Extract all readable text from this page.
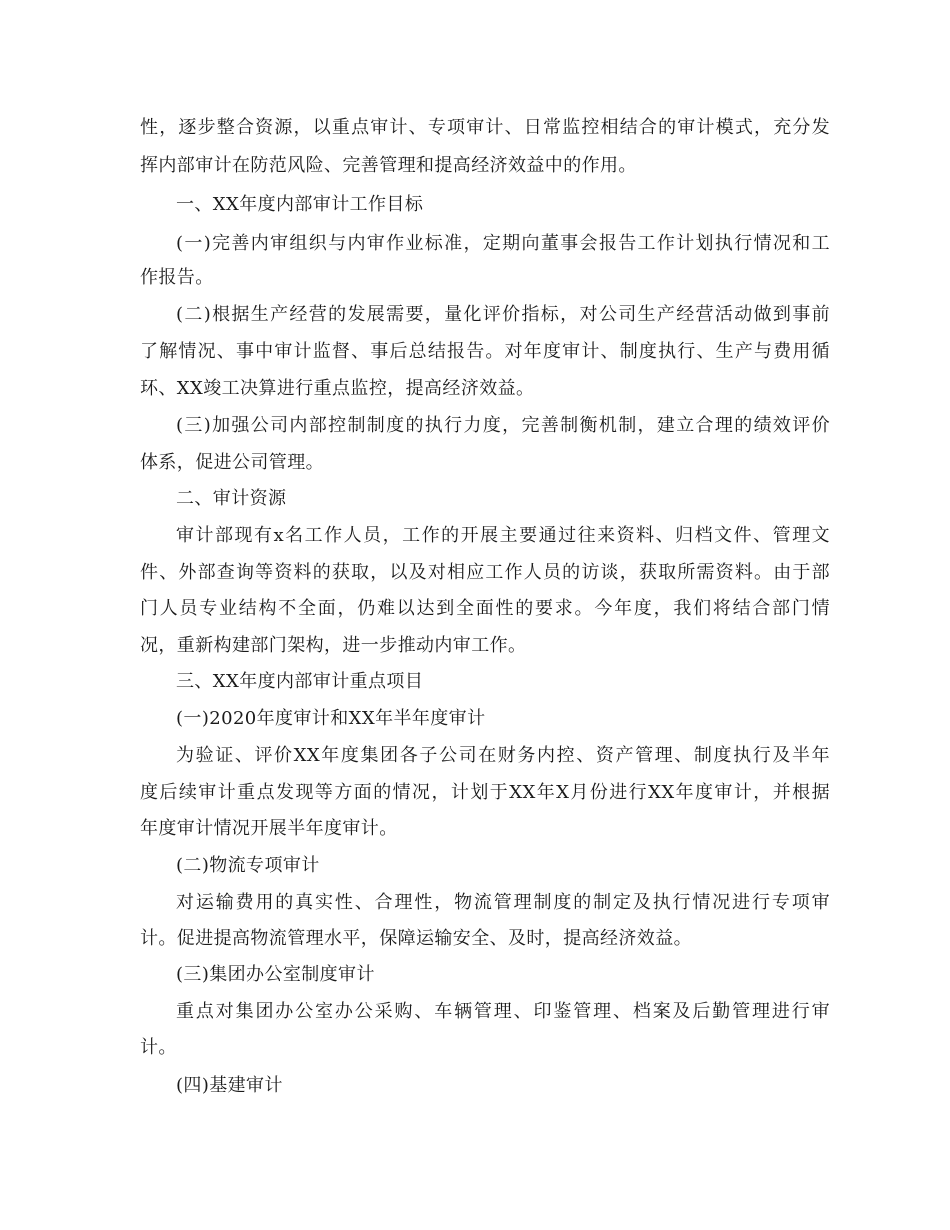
性，逐步整合资源，以重点审计、专项审计、日常监控相结合的审计模式，充分发
挥内部审计在防范风险、完善管理和提高经济效益中的作用。
一、XX年度内部审计工作目标
(一)完善内审组织与内审作业标准，定期向董事会报告工作计划执行情况和工
作报告。
(二)根据生产经营的发展需要，量化评价指标，对公司生产经营活动做到事前
了解情况、事中审计监督、事后总结报告。对年度审计、制度执行、生产与费用循
环、XX竣工决算进行重点监控，提高经济效益。
(三)加强公司内部控制制度的执行力度，完善制衡机制，建立合理的绩效评价
体系，促进公司管理。
二、审计资源
审计部现有x名工作人员，工作的开展主要通过往来资料、归档文件、管理文
件、外部查询等资料的获取，以及对相应工作人员的访谈，获取所需资料。由于部
门人员专业结构不全面，仍难以达到全面性的要求。今年度，我们将结合部门情
况，重新构建部门架构，进一步推动内审工作。
三、XX年度内部审计重点项目
(一)2020年度审计和XX年半年度审计
为验证、评价XX年度集团各子公司在财务内控、资产管理、制度执行及半年
度后续审计重点发现等方面的情况，计划于XX年X月份进行XX年度审计，并根据
年度审计情况开展半年度审计。
(二)物流专项审计
对运输费用的真实性、合理性，物流管理制度的制定及执行情况进行专项审
计。促进提高物流管理水平，保障运输安全、及时，提高经济效益。
(三)集团办公室制度审计
重点对集团办公室办公采购、车辆管理、印鉴管理、档案及后勤管理进行审
计。
(四)基建审计
